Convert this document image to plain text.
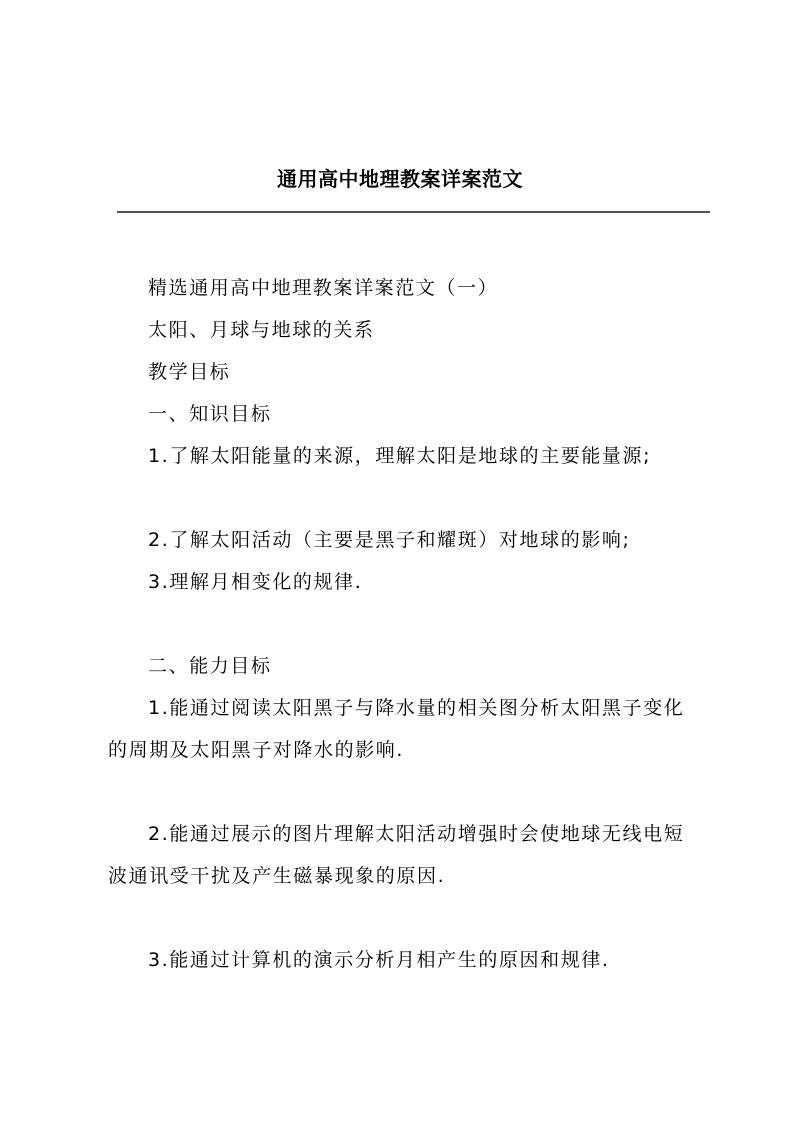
通用高中地理教案详案范文
精选通用高中地理教案详案范文（一）
太阳、月球与地球的关系
教学目标
一、知识目标
1.了解太阳能量的来源，理解太阳是地球的主要能量源;
2.了解太阳活动（主要是黑子和耀斑）对地球的影响;
3.理解月相变化的规律.
二、能力目标
1.能通过阅读太阳黑子与降水量的相关图分析太阳黑子变化
的周期及太阳黑子对降水的影响.
2.能通过展示的图片理解太阳活动增强时会使地球无线电短
波通讯受干扰及产生磁暴现象的原因.
3.能通过计算机的演示分析月相产生的原因和规律.
